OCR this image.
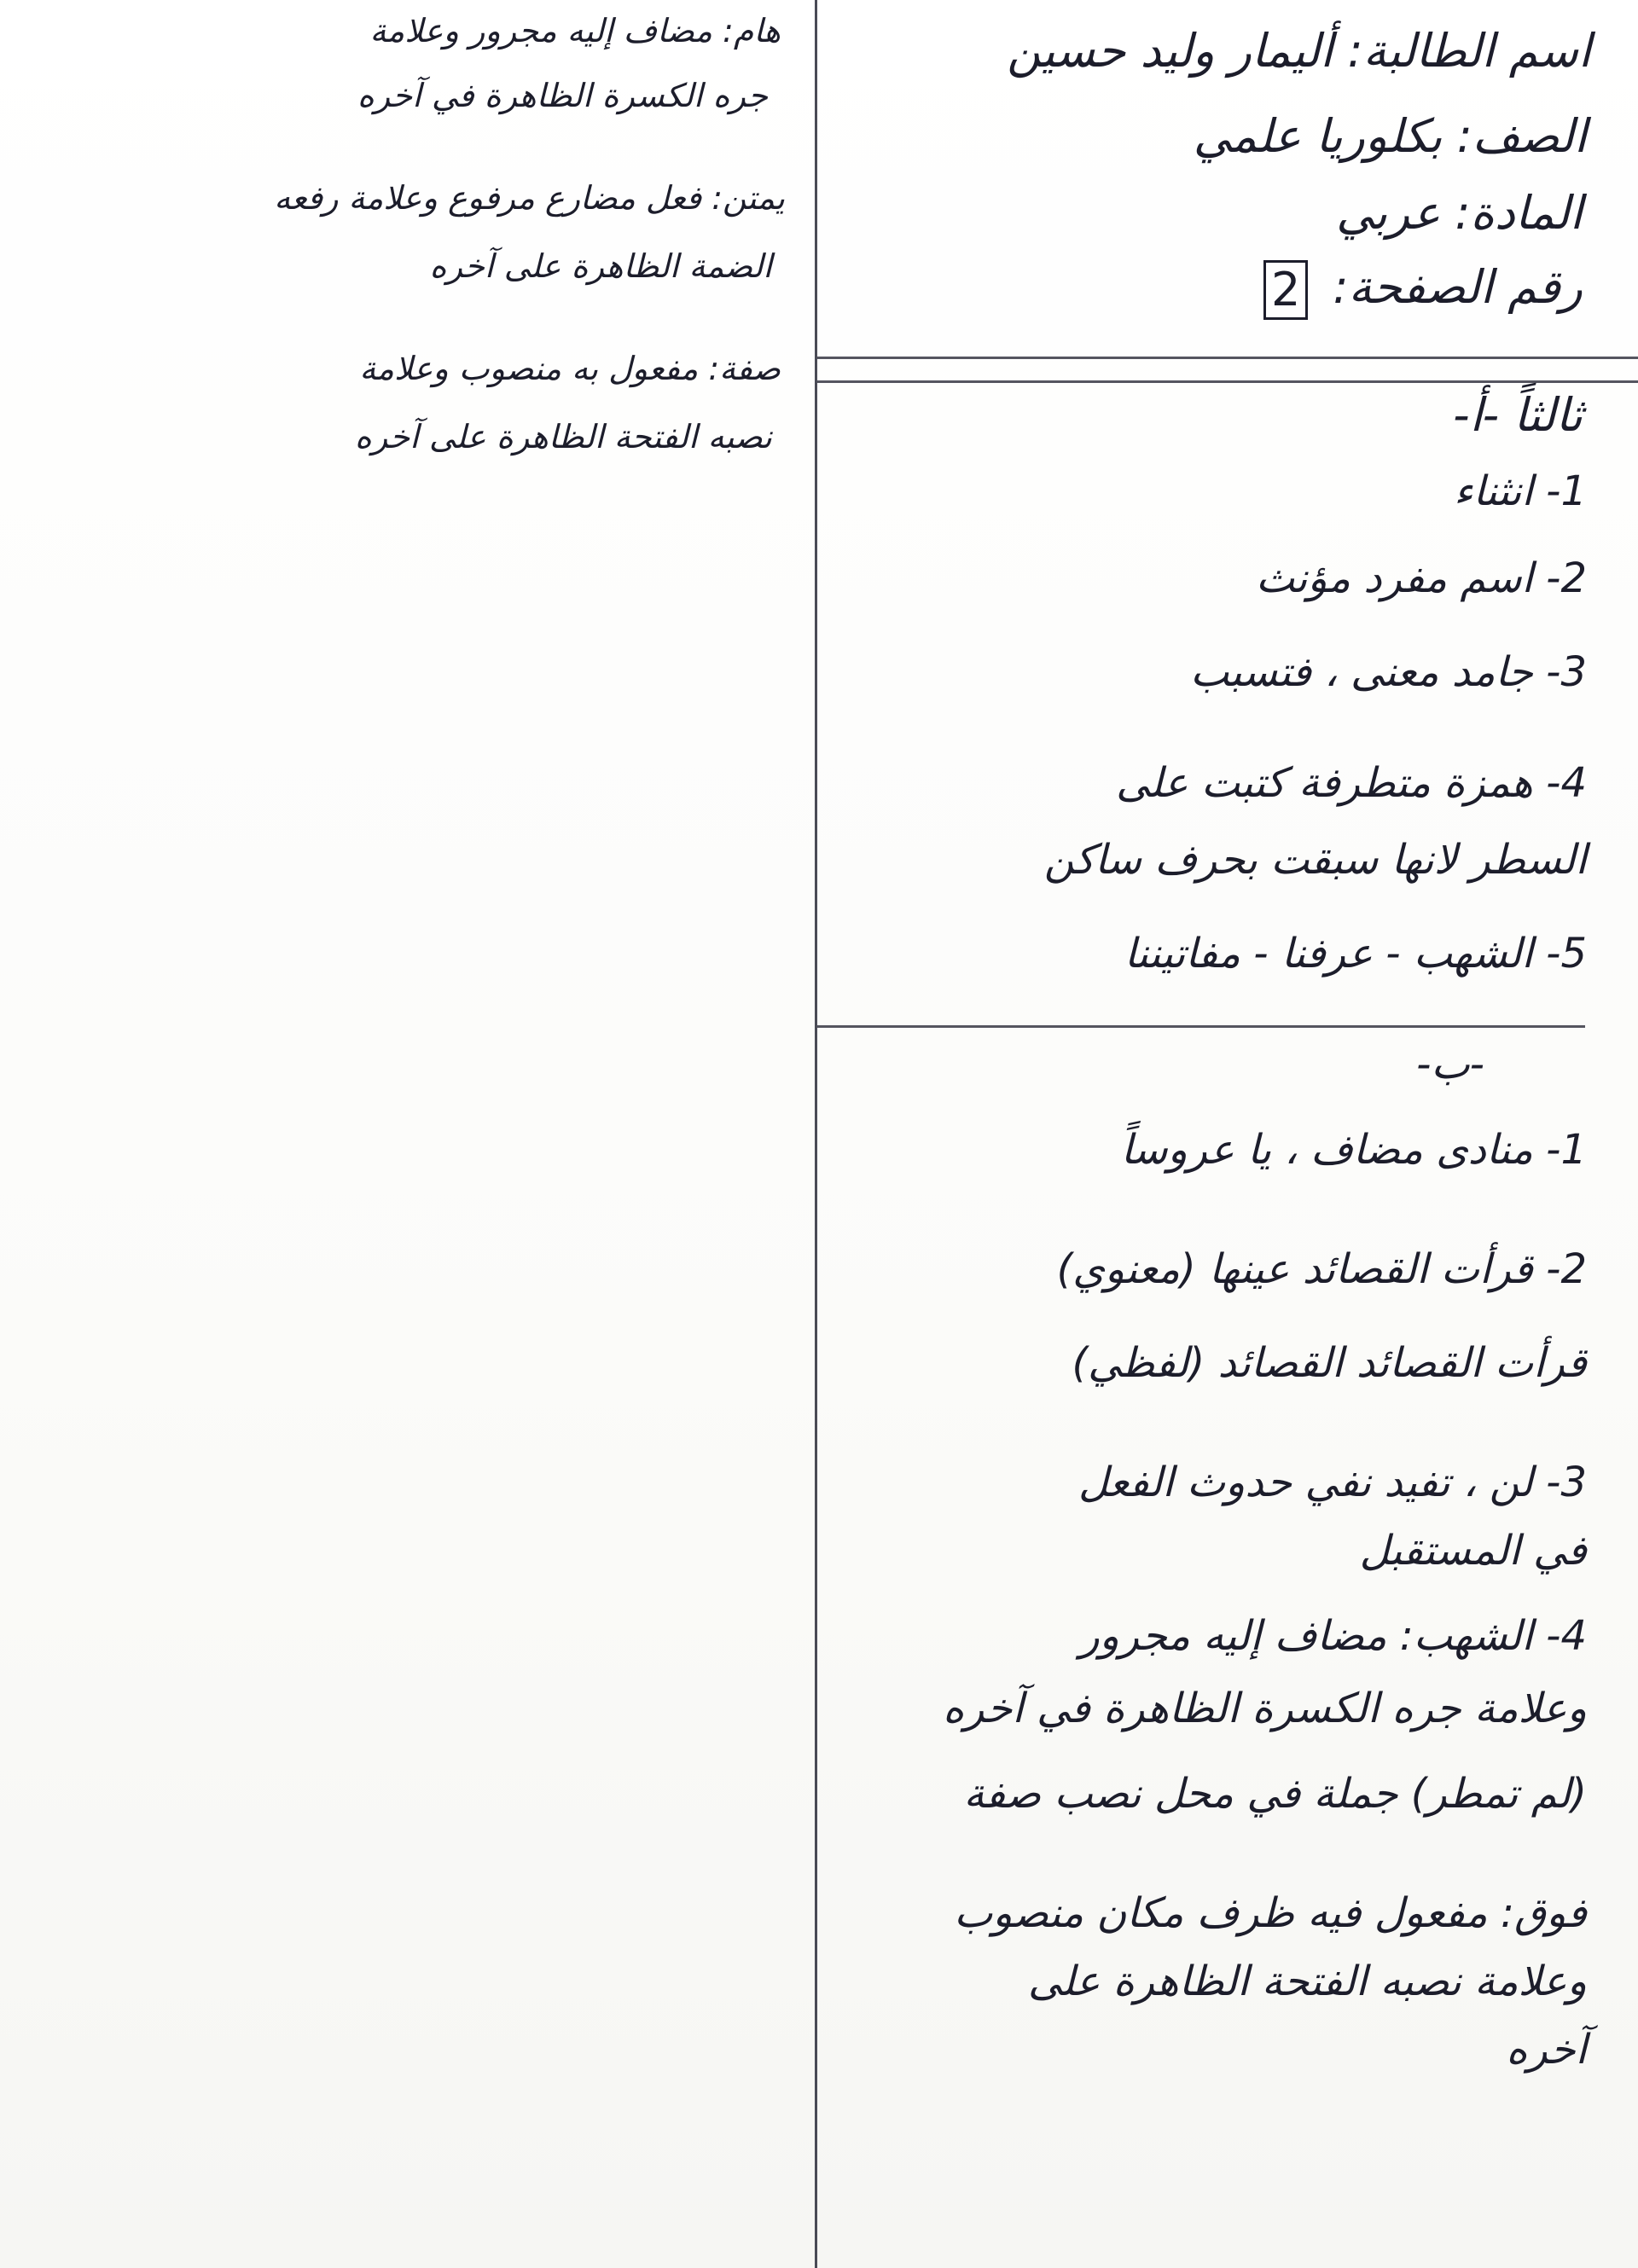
اسم الطالبة: أليمار وليد حسين
الصف: بكلوريا علمي
المادة: عربي
رقم الصفحة: 2
ثالثاً -أ-
1- انثناء
2- اسم مفرد مؤنث
3- جامد معنى ، فتسبب
4- همزة متطرفة كتبت على
السطر لانها سبقت بحرف ساكن
5- الشهب - عرفنا - مفاتيننا
-ب-
1- منادى مضاف ، يا عروساً
2- قرأت القصائد عينها (معنوي)
قرأت القصائد القصائد (لفظي)
3- لن ، تفيد نفي حدوث الفعل
في المستقبل
4- الشهب: مضاف إليه مجرور
وعلامة جره الكسرة الظاهرة في آخره
(لم تمطر) جملة في محل نصب صفة
فوق: مفعول فيه ظرف مكان منصوب
وعلامة نصبه الفتحة الظاهرة على
آخره
هام: مضاف إليه مجرور وعلامة
جره الكسرة الظاهرة في آخره
يمتن: فعل مضارع مرفوع وعلامة رفعه
الضمة الظاهرة على آخره
صفة: مفعول به منصوب وعلامة
نصبه الفتحة الظاهرة على آخره
